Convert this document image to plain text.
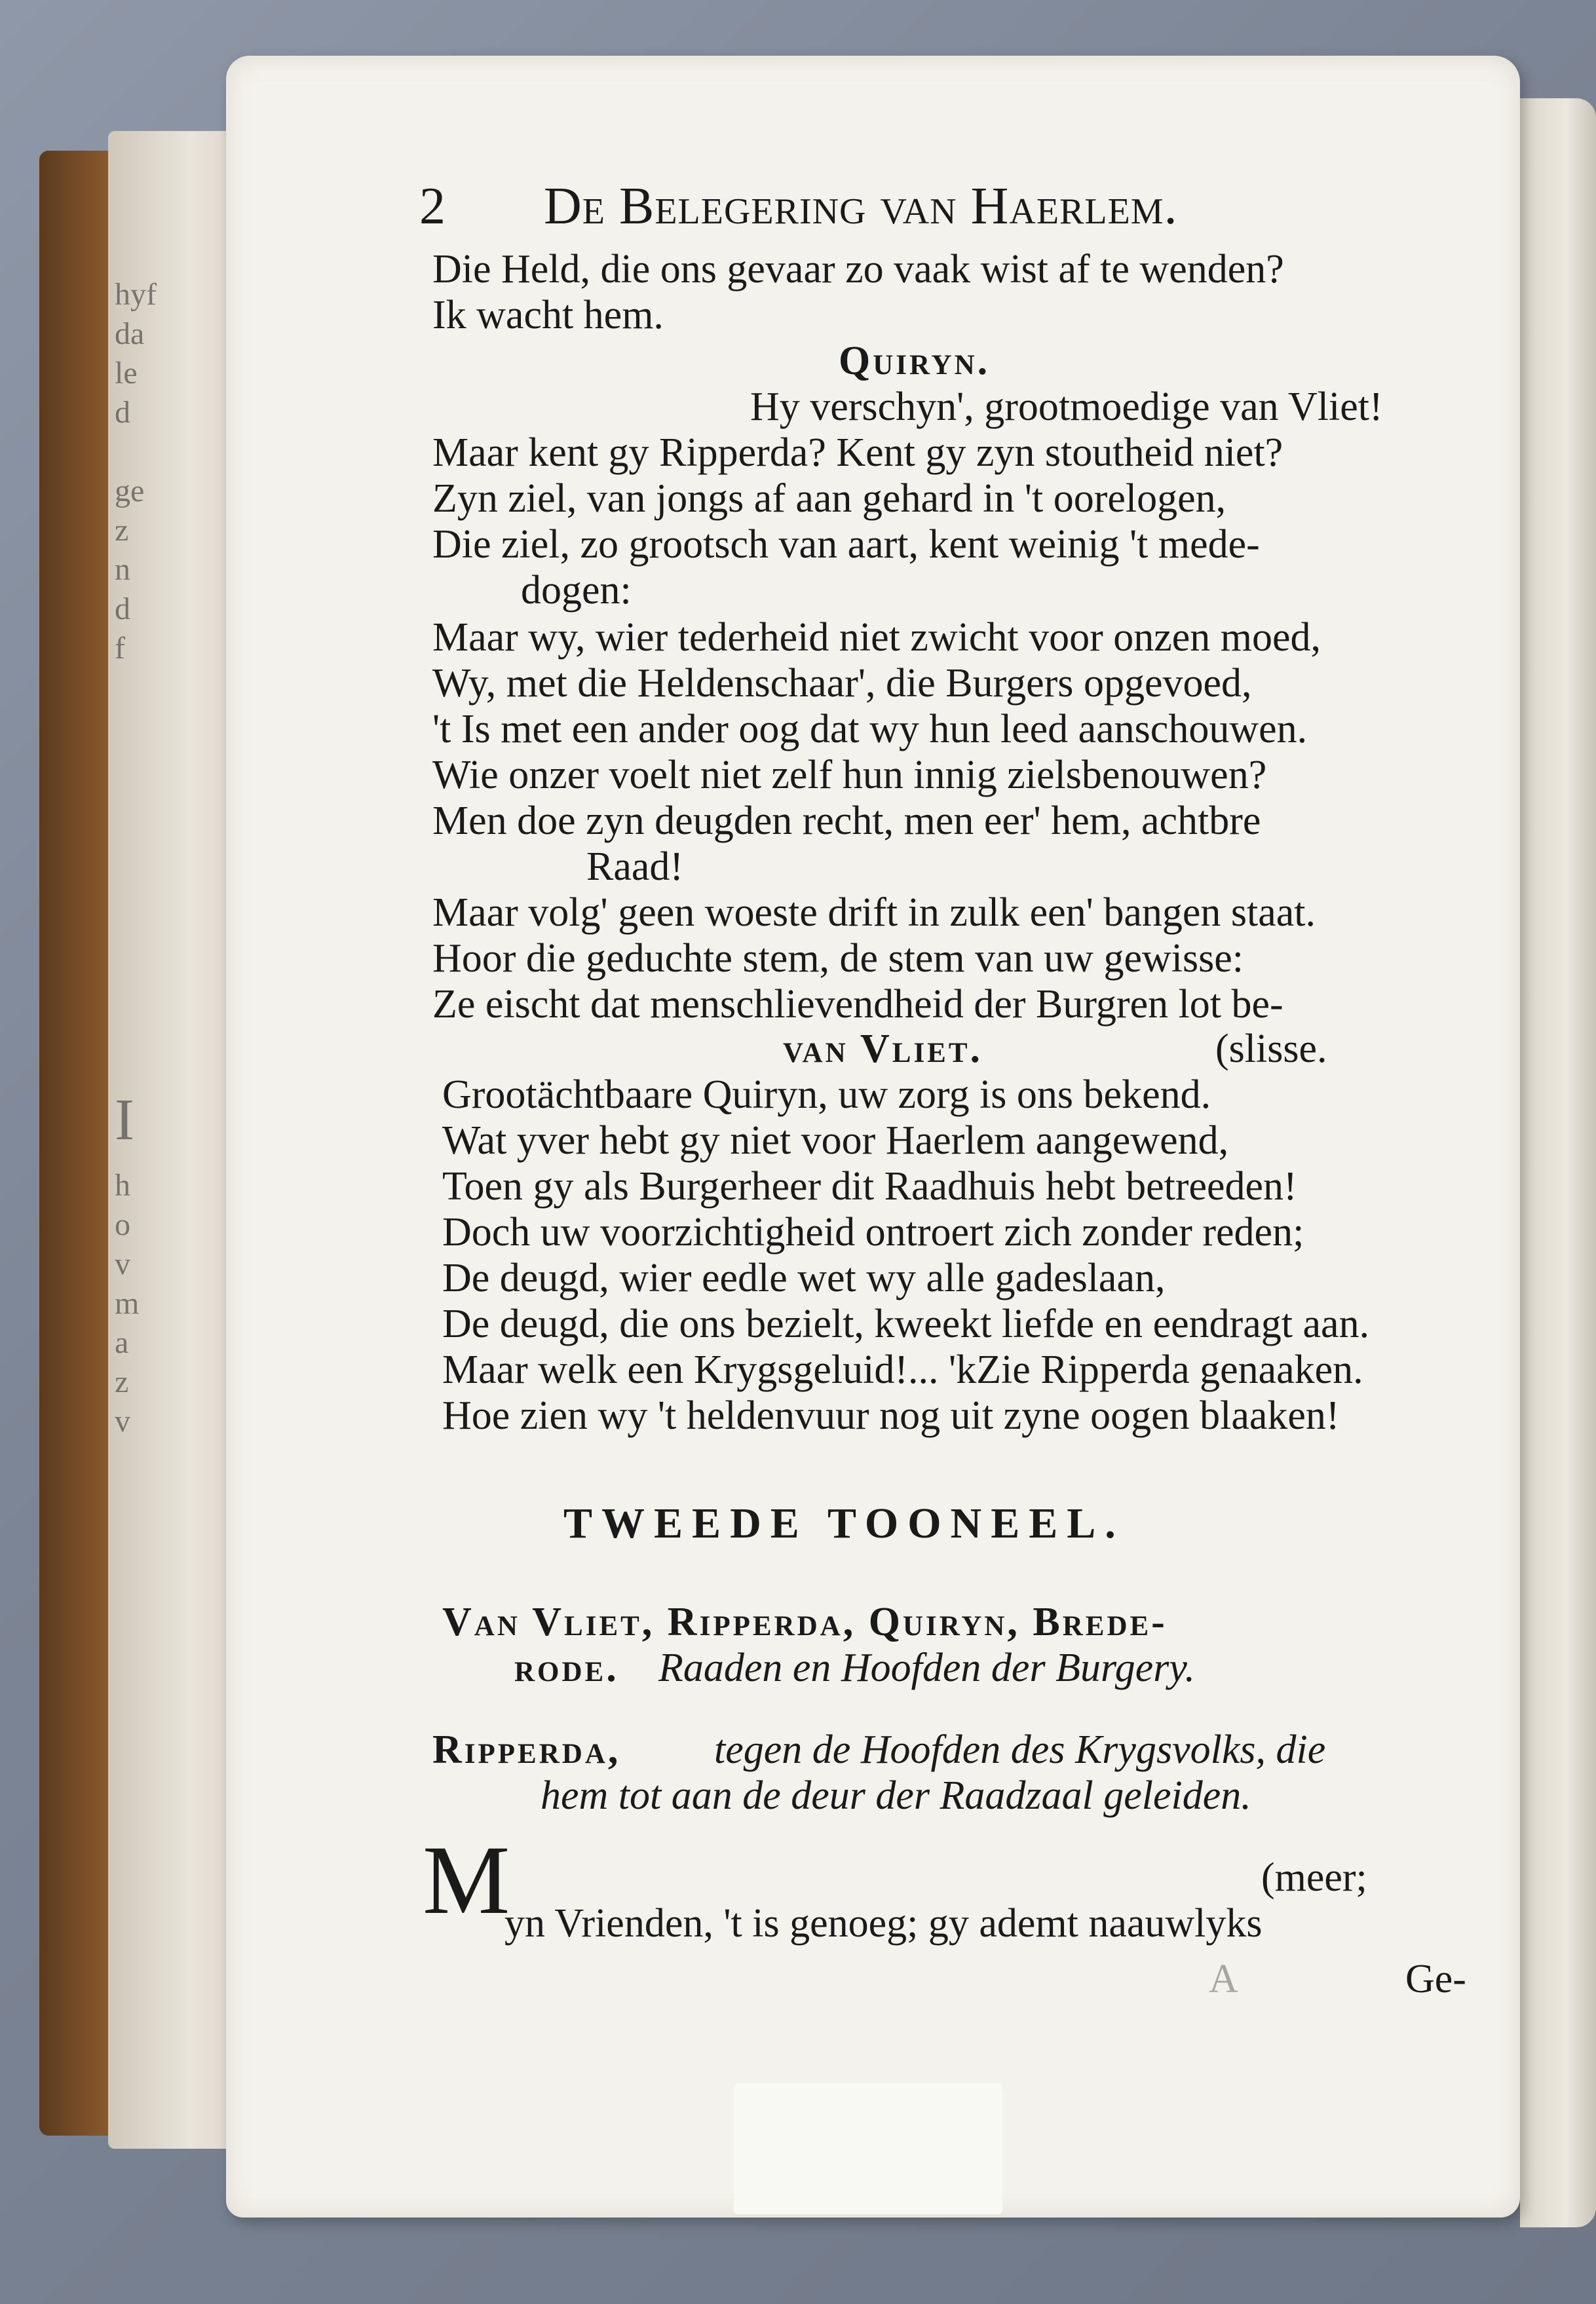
hyf
da
le
d
ge
z
n
d
f
I
h
o
v
m
a
z
v
2 De Belegering van Haerlem.
Die Held, die ons gevaar zo vaak wist af te wenden?
Ik wacht hem.
Quiryn.
Hy verschyn', grootmoedige van Vliet!
Maar kent gy Ripperda? Kent gy zyn stoutheid niet?
Zyn ziel, van jongs af aan gehard in 't oorelogen,
Die ziel, zo grootsch van aart, kent weinig 't mede-
dogen:
Maar wy, wier tederheid niet zwicht voor onzen moed,
Wy, met die Heldenschaar', die Burgers opgevoed,
't Is met een ander oog dat wy hun leed aanschouwen.
Wie onzer voelt niet zelf hun innig zielsbenouwen?
Men doe zyn deugden recht, men eer' hem, achtbre
Raad!
Maar volg' geen woeste drift in zulk een' bangen staat.
Hoor die geduchte stem, de stem van uw gewisse:
Ze eischt dat menschlievendheid der Burgren lot be-
van Vliet.	(slisse.
Grootächtbaare Quiryn, uw zorg is ons bekend.
Wat yver hebt gy niet voor Haerlem aangewend,
Toen gy als Burgerheer dit Raadhuis hebt betreeden!
Doch uw voorzichtigheid ontroert zich zonder reden;
De deugd, wier eedle wet wy alle gadeslaan,
De deugd, die ons bezielt, kweekt liefde en eendragt aan.
Maar welk een Krygsgeluid!... 'kZie Ripperda genaaken.
Hoe zien wy 't heldenvuur nog uit zyne oogen blaaken!
TWEEDE TOONEEL.
Van Vliet, Ripperda, Quiryn, Brede-
rode. Raaden en Hoofden der Burgery.
Ripperda, tegen de Hoofden des Krygsvolks, die
hem tot aan de deur der Raadzaal geleiden.
M	(meer;
yn Vrienden, 't is genoeg; gy ademt naauwlyks
A	Ge-
